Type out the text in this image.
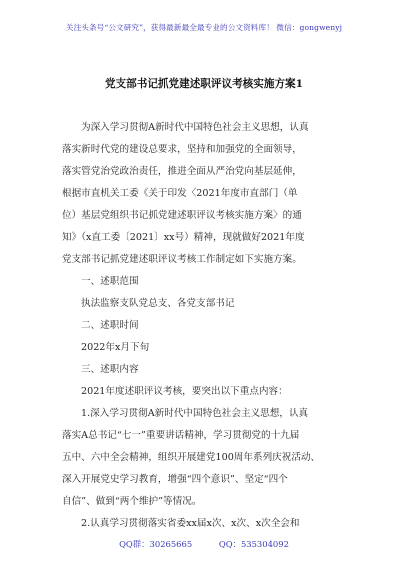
关注头条号“公文研究”，获得最新最全最专业的公文资料库！ 微信：gongwenyj
党支部书记抓党建述职评议考核实施方案1
为深入学习贯彻A新时代中国特色社会主义思想，认真
落实新时代党的建设总要求，坚持和加强党的全面领导，
落实管党治党政治责任，推进全面从严治党向基层延伸，
根据市直机关工委《关于印发〈2021年度市直部门（单
位）基层党组织书记抓党建述职评议考核实施方案〉的通
知》（x直工委〔2021〕xx号）精神，现就做好2021年度
党支部书记抓党建述职评议考核工作制定如下实施方案。
一、述职范围
执法监察支队党总支、各党支部书记
二、述职时间
2022年x月下旬
三、述职内容
2021年度述职评议考核，要突出以下重点内容：
1.深入学习贯彻A新时代中国特色社会主义思想，认真
落实A总书记“七一”重要讲话精神，学习贯彻党的十九届
五中、六中全会精神，组织开展建党100周年系列庆祝活动、
深入开展党史学习教育，增强“四个意识”、坚定“四个
自信”、做到“两个维护”等情况。
2.认真学习贯彻落实省委xx届x次、x次、x次全会和
QQ群：30265665	QQ：535304092
